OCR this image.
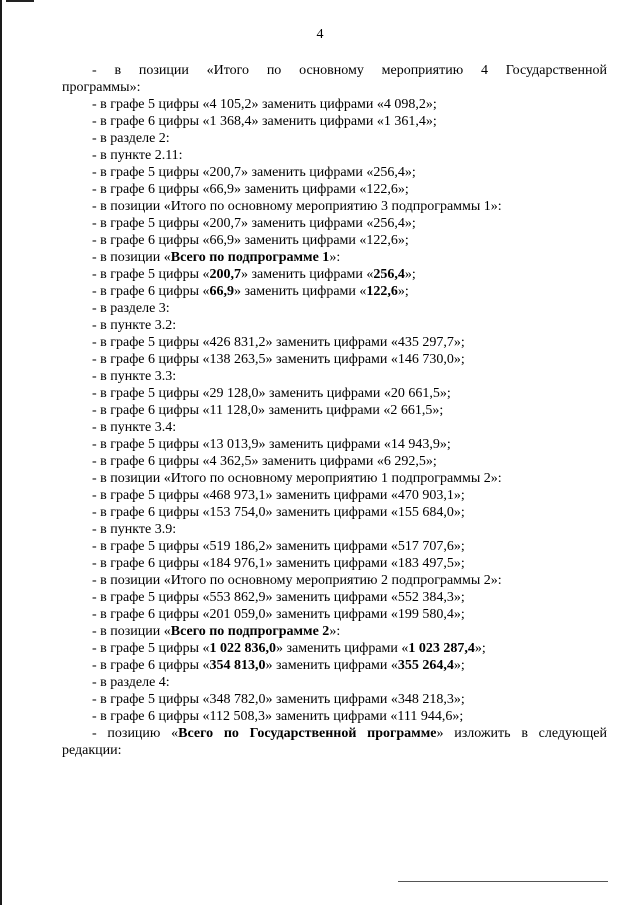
4
- в позиции «Итого по основному мероприятию 4 Государственной
программы»:
- в графе 5 цифры «4 105,2» заменить цифрами «4 098,2»;
- в графе 6 цифры «1 368,4» заменить цифрами «1 361,4»;
- в разделе 2:
- в пункте 2.11:
- в графе 5 цифры «200,7» заменить цифрами «256,4»;
- в графе 6 цифры «66,9» заменить цифрами «122,6»;
- в позиции «Итого по основному мероприятию 3 подпрограммы 1»:
- в графе 5 цифры «200,7» заменить цифрами «256,4»;
- в графе 6 цифры «66,9» заменить цифрами «122,6»;
- в позиции «Всего по подпрограмме 1»:
- в графе 5 цифры «200,7» заменить цифрами «256,4»;
- в графе 6 цифры «66,9» заменить цифрами «122,6»;
- в разделе 3:
- в пункте 3.2:
- в графе 5 цифры «426 831,2» заменить цифрами «435 297,7»;
- в графе 6 цифры «138 263,5» заменить цифрами «146 730,0»;
- в пункте 3.3:
- в графе 5 цифры «29 128,0» заменить цифрами «20 661,5»;
- в графе 6 цифры «11 128,0» заменить цифрами «2 661,5»;
- в пункте 3.4:
- в графе 5 цифры «13 013,9» заменить цифрами «14 943,9»;
- в графе 6 цифры «4 362,5» заменить цифрами «6 292,5»;
- в позиции «Итого по основному мероприятию 1 подпрограммы 2»:
- в графе 5 цифры «468 973,1» заменить цифрами «470 903,1»;
- в графе 6 цифры «153 754,0» заменить цифрами «155 684,0»;
- в пункте 3.9:
- в графе 5 цифры «519 186,2» заменить цифрами «517 707,6»;
- в графе 6 цифры «184 976,1» заменить цифрами «183 497,5»;
- в позиции «Итого по основному мероприятию 2 подпрограммы 2»:
- в графе 5 цифры «553 862,9» заменить цифрами «552 384,3»;
- в графе 6 цифры «201 059,0» заменить цифрами «199 580,4»;
- в позиции «Всего по подпрограмме 2»:
- в графе 5 цифры «1 022 836,0» заменить цифрами «1 023 287,4»;
- в графе 6 цифры «354 813,0» заменить цифрами «355 264,4»;
- в разделе 4:
- в графе 5 цифры «348 782,0» заменить цифрами «348 218,3»;
- в графе 6 цифры «112 508,3» заменить цифрами «111 944,6»;
- позицию «Всего по Государственной программе» изложить в следующей
редакции:
